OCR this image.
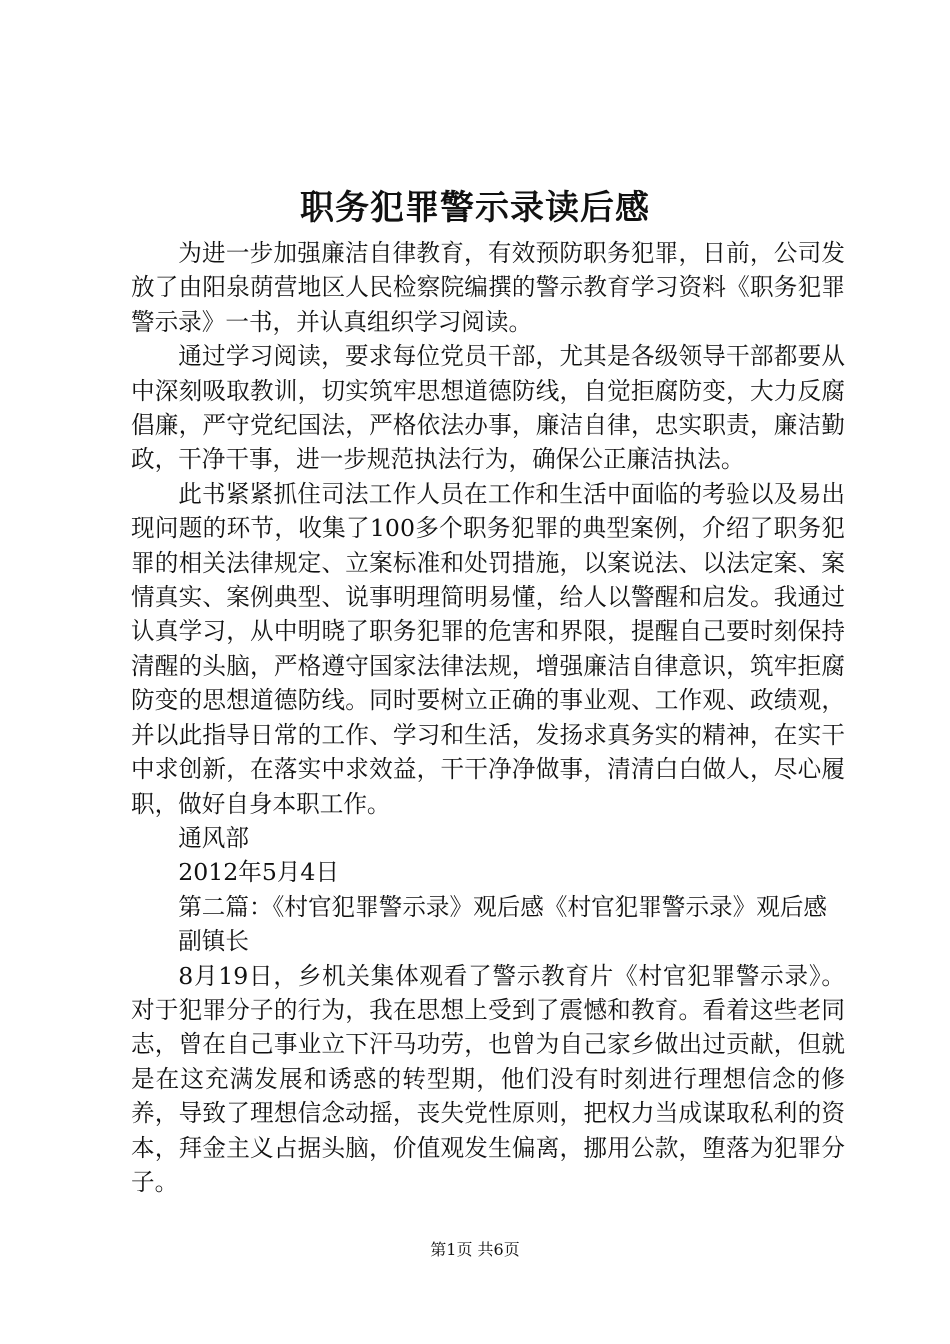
职务犯罪警示录读后感

为进一步加强廉洁自律教育，有效预防职务犯罪，日前，公司发放了由阳泉荫营地区人民检察院编撰的警示教育学习资料《职务犯罪警示录》一书，并认真组织学习阅读。

通过学习阅读，要求每位党员干部，尤其是各级领导干部都要从中深刻吸取教训，切实筑牢思想道德防线，自觉拒腐防变，大力反腐倡廉，严守党纪国法，严格依法办事，廉洁自律，忠实职责，廉洁勤政，干净干事，进一步规范执法行为，确保公正廉洁执法。

此书紧紧抓住司法工作人员在工作和生活中面临的考验以及易出现问题的环节，收集了100多个职务犯罪的典型案例，介绍了职务犯罪的相关法律规定、立案标准和处罚措施，以案说法、以法定案、案情真实、案例典型、说事明理简明易懂，给人以警醒和启发。我通过认真学习，从中明晓了职务犯罪的危害和界限，提醒自己要时刻保持清醒的头脑，严格遵守国家法律法规，增强廉洁自律意识，筑牢拒腐防变的思想道德防线。同时要树立正确的事业观、工作观、政绩观，并以此指导日常的工作、学习和生活，发扬求真务实的精神，在实干中求创新，在落实中求效益，干干净净做事，清清白白做人，尽心履职，做好自身本职工作。

通风部

2012年5月4日

第二篇：《村官犯罪警示录》观后感《村官犯罪警示录》观后感

副镇长

8月19日，乡机关集体观看了警示教育片《村官犯罪警示录》。对于犯罪分子的行为，我在思想上受到了震憾和教育。看着这些老同志，曾在自己事业立下汗马功劳，也曾为自己家乡做出过贡献，但就是在这充满发展和诱惑的转型期，他们没有时刻进行理想信念的修养，导致了理想信念动摇，丧失党性原则，把权力当成谋取私利的资本，拜金主义占据头脑，价值观发生偏离，挪用公款，堕落为犯罪分子。

第1页 共6页
